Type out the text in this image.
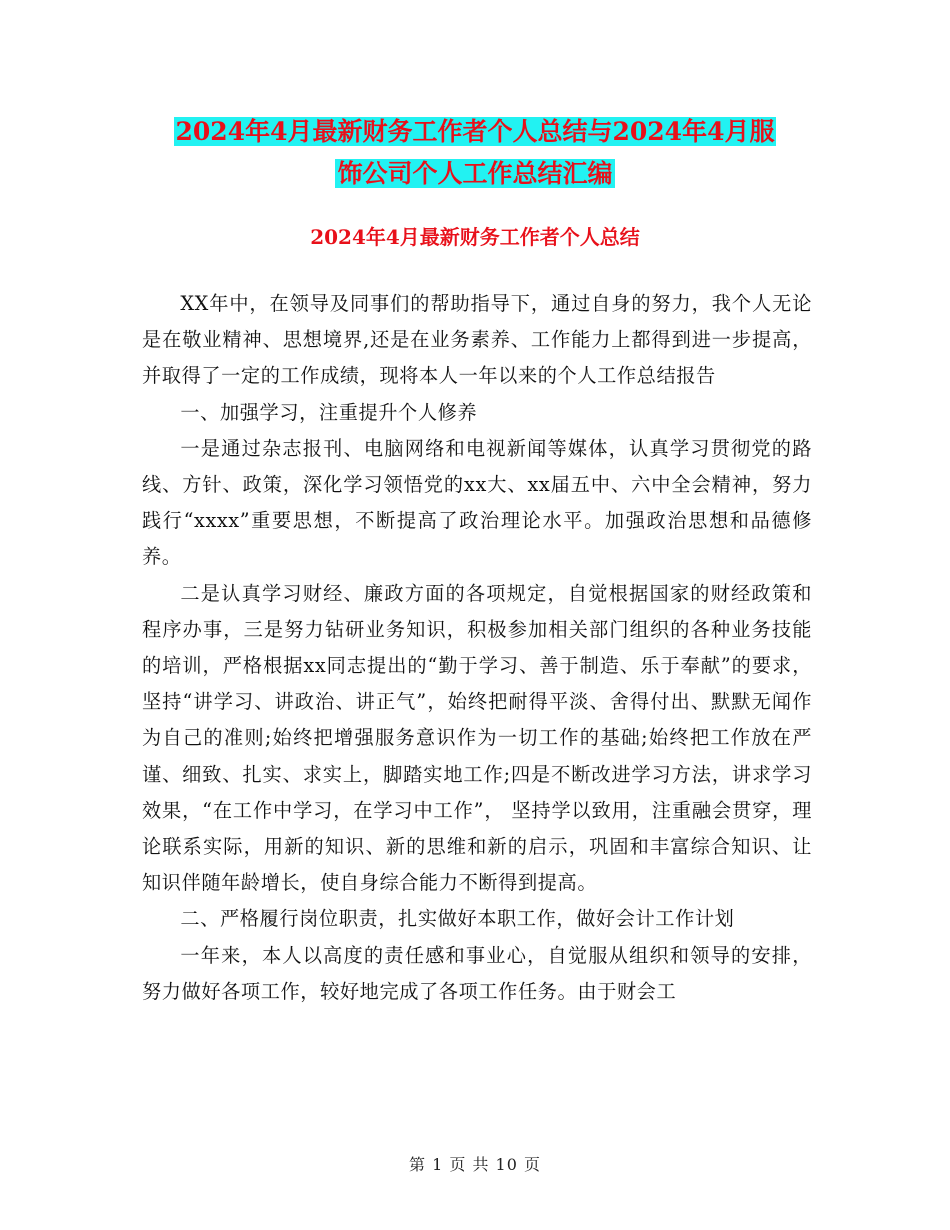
2024年4月最新财务工作者个人总结与2024年4月服
饰公司个人工作总结汇编
2024年4月最新财务工作者个人总结

XX年中，在领导及同事们的帮助指导下，通过自身的努力，我个人无论是在敬业精神、思想境界,还是在业务素养、工作能力上都得到进一步提高，并取得了一定的工作成绩，现将本人一年以来的个人工作总结报告

一、加强学习，注重提升个人修养

一是通过杂志报刊、电脑网络和电视新闻等媒体，认真学习贯彻党的路线、方针、政策，深化学习领悟党的xx大、xx届五中、六中全会精神，努力践行“xxxx”重要思想，不断提高了政治理论水平。加强政治思想和品德修养。

二是认真学习财经、廉政方面的各项规定，自觉根据国家的财经政策和程序办事，三是努力钻研业务知识，积极参加相关部门组织的各种业务技能的培训，严格根据xx同志提出的“勤于学习、善于制造、乐于奉献”的要求，坚持“讲学习、讲政治、讲正气”，始终把耐得平淡、舍得付出、默默无闻作为自己的准则;始终把增强服务意识作为一切工作的基础;始终把工作放在严谨、细致、扎实、求实上，脚踏实地工作;四是不断改进学习方法，讲求学习效果，“在工作中学习，在学习中工作”， 坚持学以致用，注重融会贯穿，理论联系实际，用新的知识、新的思维和新的启示，巩固和丰富综合知识、让知识伴随年龄增长，使自身综合能力不断得到提高。

二、严格履行岗位职责，扎实做好本职工作，做好会计工作计划

一年来，本人以高度的责任感和事业心，自觉服从组织和领导的安排，努力做好各项工作，较好地完成了各项工作任务。由于财会工

第 1 页 共 10 页
